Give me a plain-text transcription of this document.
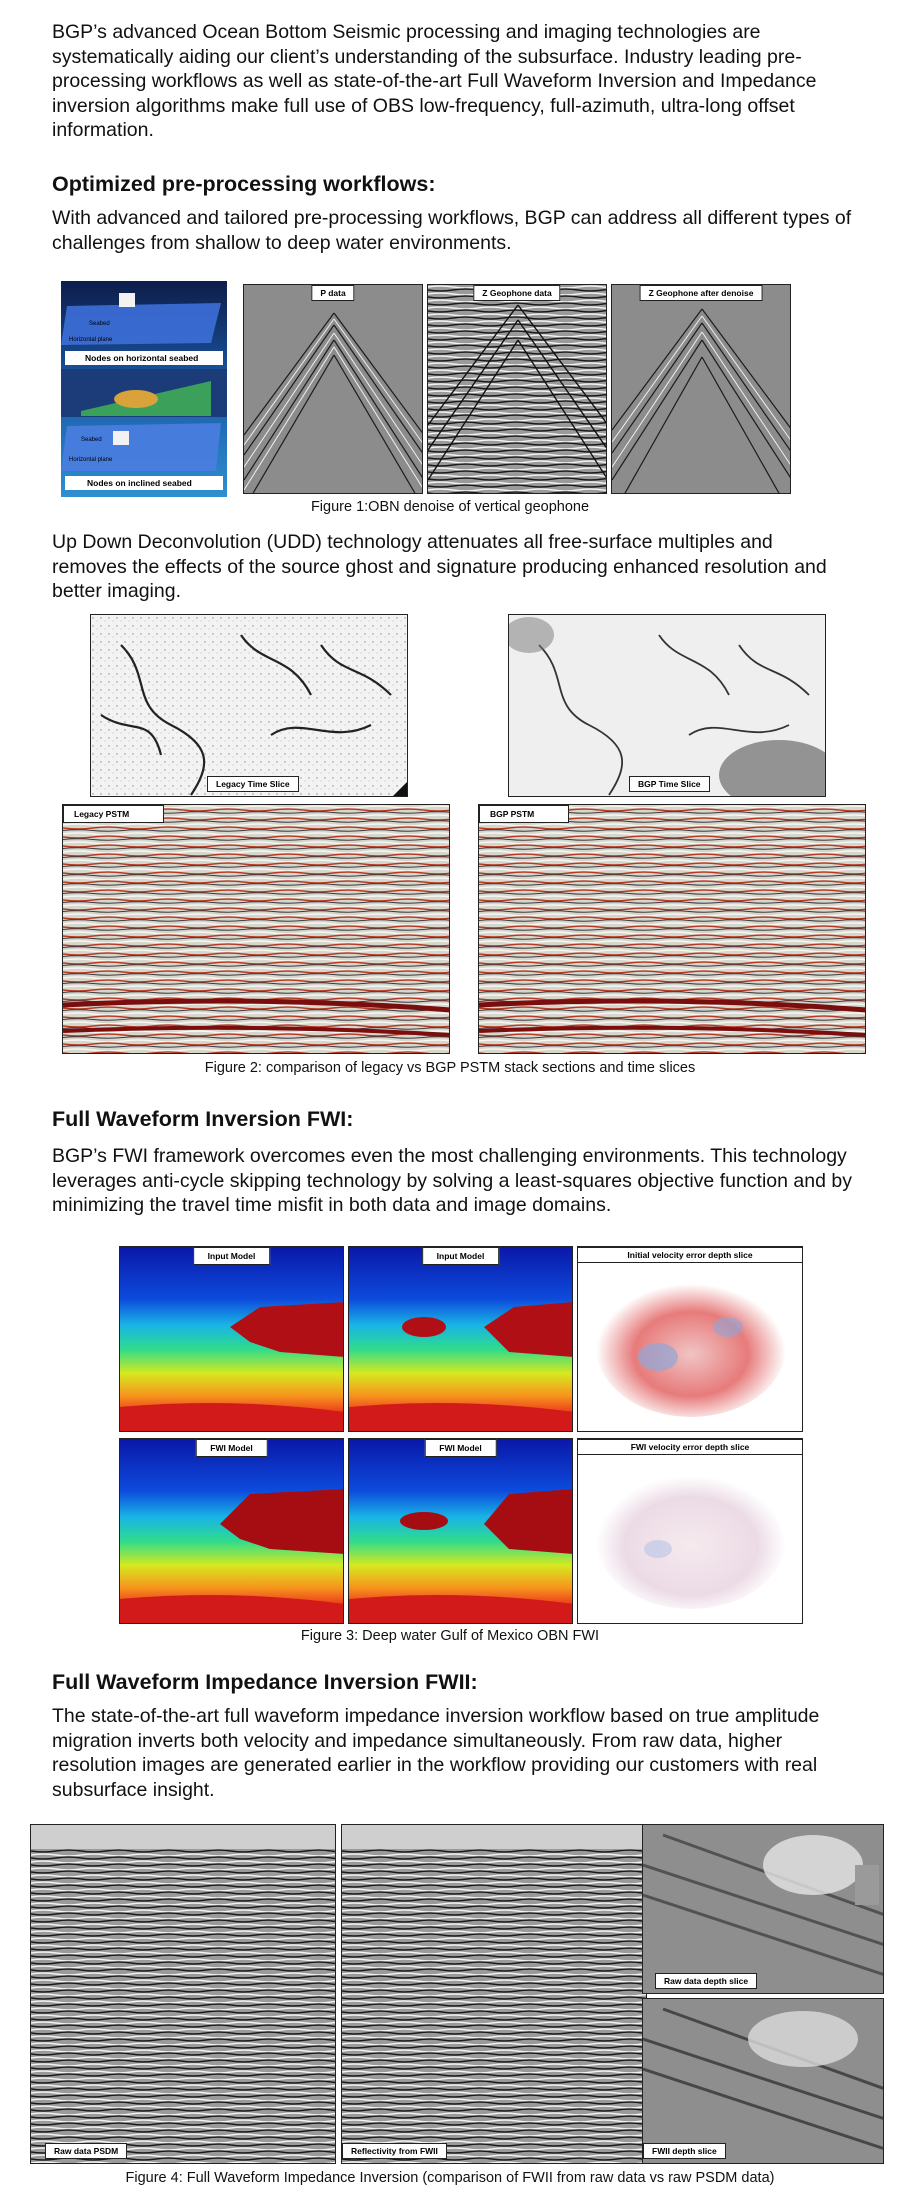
BGP’s advanced Ocean Bottom Seismic processing and imaging technologies are systematically aiding our client’s understanding of the subsurface. Industry leading pre-processing workflows as well as state-of-the-art Full Waveform Inversion and Impedance inversion algorithms make full use of OBS low-frequency, full-azimuth, ultra-long offset information.

Optimized pre-processing workflows:

With advanced and tailored pre-processing workflows, BGP can address all different types of challenges from shallow to deep water environments.

Seabed
Horizontal plane
Nodes on horizontal seabed
Horizontal plane
Seabed
Nodes on inclined seabed
P data	Z Geophone data	Z Geophone after denoise
Figure 1:OBN denoise of vertical geophone

Up Down Deconvolution (UDD) technology attenuates all free-surface multiples and removes the effects of the source ghost and signature producing enhanced resolution and better imaging.

Legacy Time Slice	BGP Time Slice
Legacy PSTM	BGP PSTM
Figure 2: comparison of legacy vs BGP PSTM stack sections and time slices
Full Waveform Inversion FWI:

BGP’s FWI framework overcomes even the most challenging environments. This technology leverages anti-cycle skipping technology by solving a least-squares objective function and by minimizing the travel time misfit in both data and image domains.

Input Model	Input Model	Initial velocity error depth slice
FWI Model	FWI Model	FWI velocity error depth slice
Figure 3: Deep water Gulf of Mexico OBN FWI
Full Waveform Impedance Inversion FWII:

The state-of-the-art full waveform impedance inversion workflow based on true amplitude migration inverts both velocity and impedance simultaneously. From raw data, higher resolution images are generated earlier in the workflow providing our customers with real subsurface insight.

Raw data PSDM	Reflectivity from FWII
Raw data depth slice
FWII depth slice
Figure 4: Full Waveform Impedance Inversion (comparison of FWII from raw data vs raw PSDM data)
